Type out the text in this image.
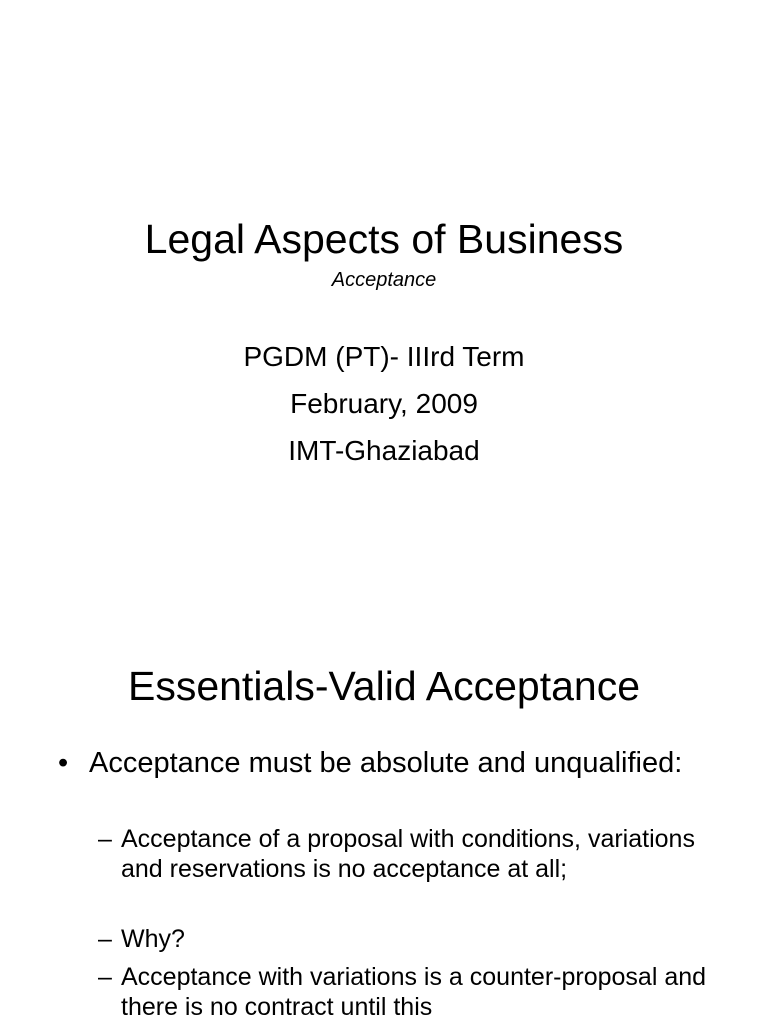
Legal Aspects of Business
Acceptance
PGDM (PT)- IIIrd Term
February, 2009
IMT-Ghaziabad
Essentials-Valid Acceptance
• Acceptance must be absolute and unqualified:
– Acceptance of a proposal with conditions, variations and reservations is no acceptance at all;
– Why?
– Acceptance with variations is a counter-proposal and there is no contract until this
